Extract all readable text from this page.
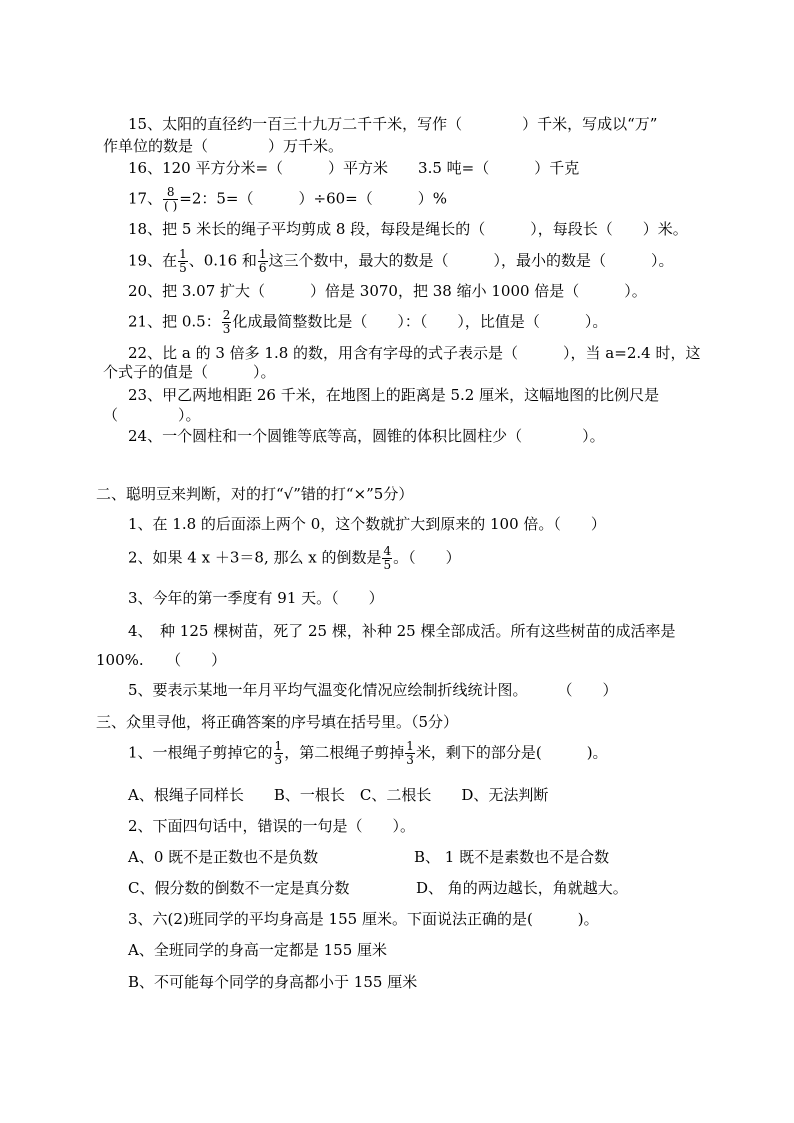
15、太阳的直径约一百三十九万二千千米，写作（　　　　）千米，写成以“万”
作单位的数是（　　　　）万千米。
16、120 平方分米=（　　　）平方米　　3.5 吨=（　　　）千克
17、 $\frac{8}{( )} =2$：5=（　　　）÷60=（　　　）%
18、把 5 米长的绳子平均剪成 8 段，每段是绳长的（　　　），每段长（　　）米。
19、在 $\frac{1}{5}$ 、0.16 和 $\frac{1}{6}$ 这三个数中，最大的数是（　　　），最小的数是（　　　）。
20、把 3.07 扩大（　　　）倍是 3070，把 38 缩小 1000 倍是（　　　）。
21、把 0.5： $\frac{2}{3}$ 化成最简整数比是（　　）：（　　），比值是（　　　）。
22、比 a 的 3 倍多 1.8 的数，用含有字母的式子表示是（　　　），当 a=2.4 时，这
个式子的值是（　　　）。
23、甲乙两地相距 26 千米，在地图上的距离是 5.2 厘米，这幅地图的比例尺是
（　　　　）。
24、一个圆柱和一个圆锥等底等高，圆锥的体积比圆柱少（　　　　）。
二、聪明豆来判断，对的打“√”错的打“×”5分）
1、在 1.8 的后面添上两个 0，这个数就扩大到原来的 100 倍。（　　）
2、如果 4 x ＋3＝8, 那么 x 的倒数是 $\frac{4}{5}$ 。（　　）
3、今年的第一季度有 91 天。（　　）
4、　种 125 棵树苗，死了 25 棵，补种 25 棵全部成活。所有这些树苗的成活率是
100%.　　（　　）
5、要表示某地一年月平均气温变化情况应绘制折线统计图。　　　（　　）
三、众里寻他，将正确答案的序号填在括号里。（5分）
1、一根绳子剪掉它的 $\frac{1}{3}$ ，第二根绳子剪掉 $\frac{1}{3}$ 米，剩下的部分是(　　　)。
A、根绳子同样长　　B、一根长　C、二根长　　D、无法判断
2、下面四句话中，错误的一句是（　　）。
A、0 既不是正数也不是负数	B、 1 既不是素数也不是合数
C、假分数的倒数不一定是真分数	D、 角的两边越长，角就越大。
3、六(2)班同学的平均身高是 155 厘米。下面说法正确的是(　　　)。
A、全班同学的身高一定都是 155 厘米
B、不可能每个同学的身高都小于 155 厘米
